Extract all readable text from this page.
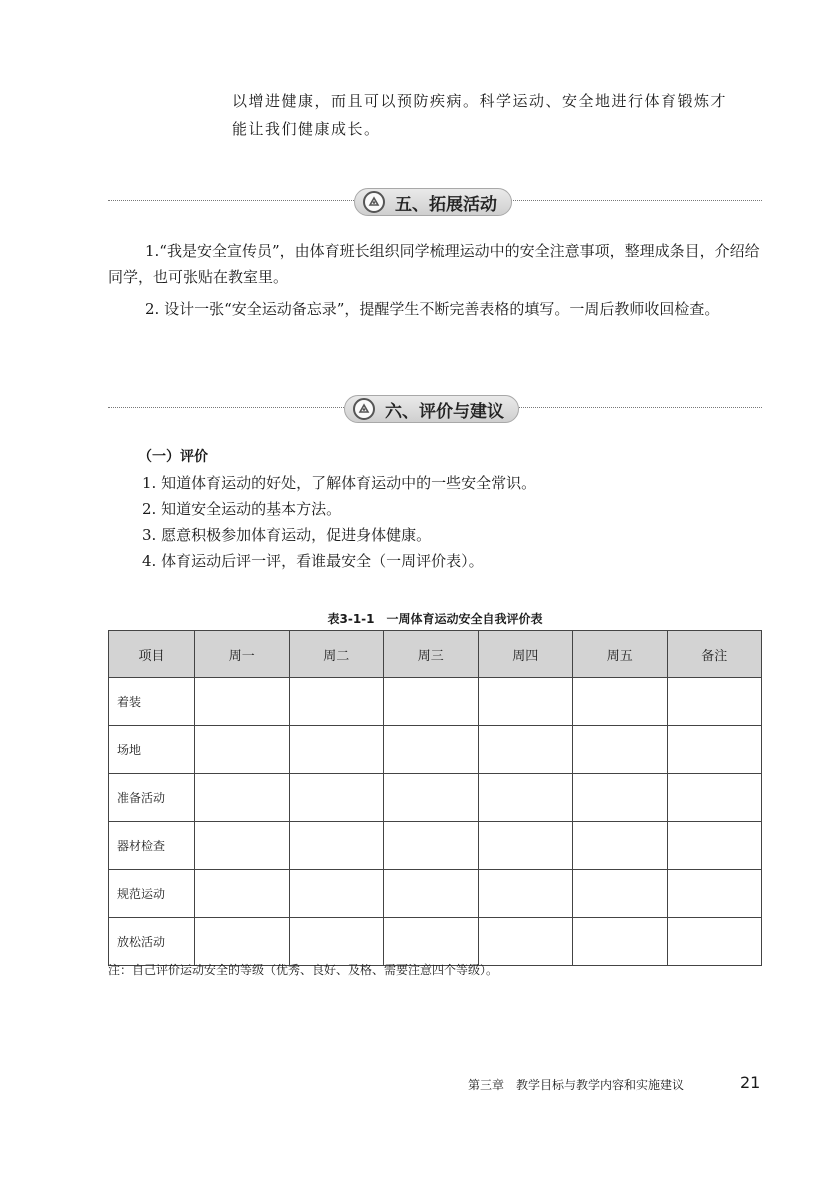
以增进健康，而且可以预防疾病。科学运动、安全地进行体育锻炼才
能让我们健康成长。
五、拓展活动

1.“我是安全宣传员”，由体育班长组织同学梳理运动中的安全注意事项，整理成条目，介绍给同学，也可张贴在教室里。

2. 设计一张“安全运动备忘录”，提醒学生不断完善表格的填写。一周后教师收回检查。

六、评价与建议
（一）评价
1. 知道体育运动的好处，了解体育运动中的一些安全常识。
2. 知道安全运动的基本方法。
3. 愿意积极参加体育运动，促进身体健康。
4. 体育运动后评一评，看谁最安全（一周评价表）。
表3-1-1　一周体育运动安全自我评价表
项目	周一	周二	周三	周四	周五	备注
着装						
场地						
准备活动						
器材检查						
规范运动						
放松活动						
注：自己评价运动安全的等级（优秀、良好、及格、需要注意四个等级）。
第三章　教学目标与教学内容和实施建议	21
